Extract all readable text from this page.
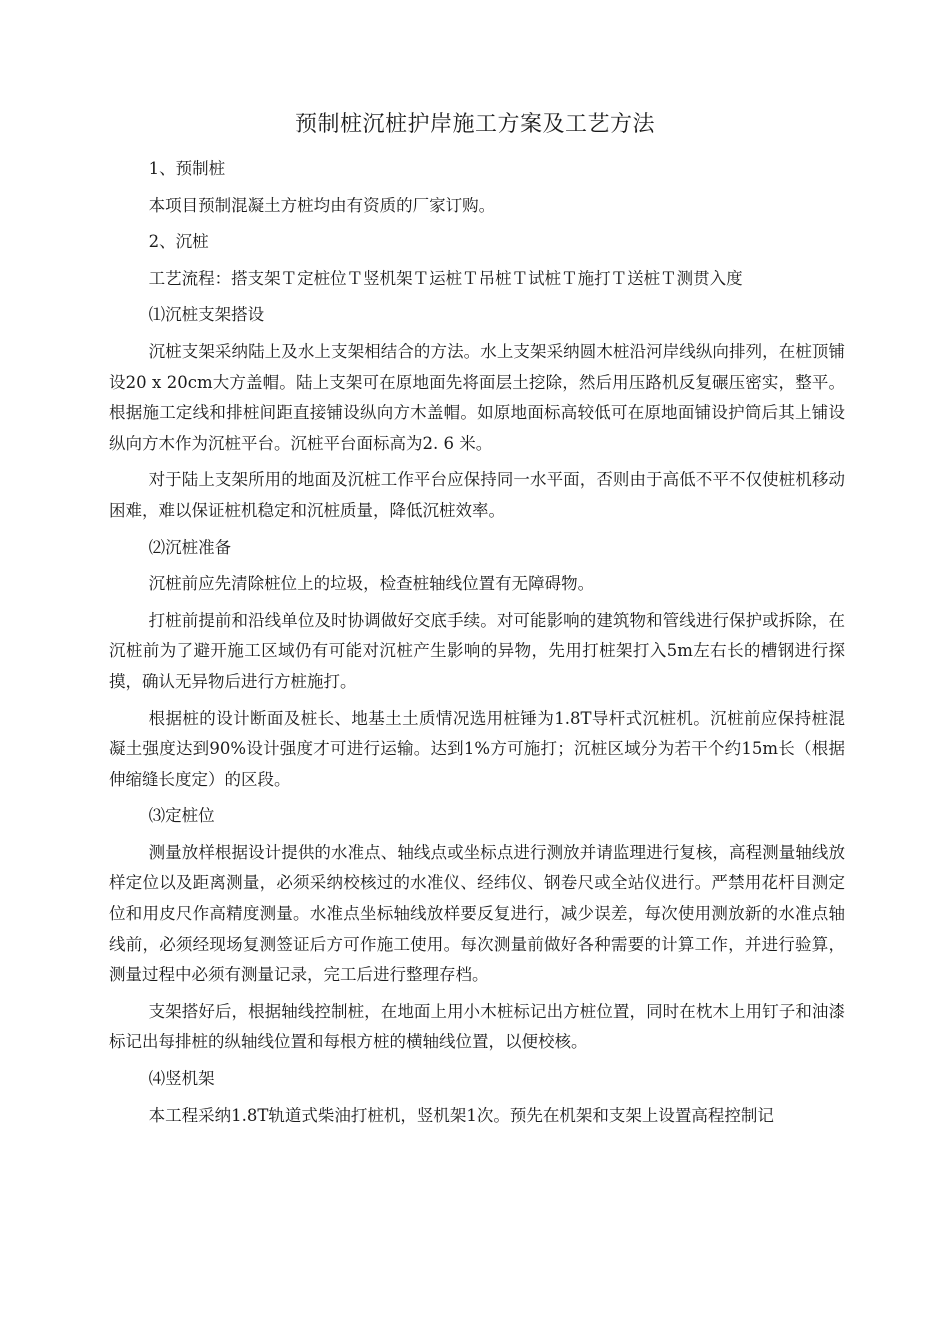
预制桩沉桩护岸施工方案及工艺方法

1、预制桩

本项目预制混凝土方桩均由有资质的厂家订购。

2、沉桩

工艺流程：搭支架Ｔ定桩位Ｔ竖机架Ｔ运桩Ｔ吊桩Ｔ试桩Ｔ施打Ｔ送桩Ｔ测贯入度

⑴沉桩支架搭设

沉桩支架采纳陆上及水上支架相结合的方法。水上支架采纳圆木桩沿河岸线纵向排列，在桩顶铺设20 x 20cm大方盖帽。陆上支架可在原地面先将面层土挖除，然后用压路机反复碾压密实，整平。根据施工定线和排桩间距直接铺设纵向方木盖帽。如原地面标高较低可在原地面铺设护筒后其上铺设纵向方木作为沉桩平台。沉桩平台面标高为2. 6 米。

对于陆上支架所用的地面及沉桩工作平台应保持同一水平面，否则由于高低不平不仅使桩机移动困难，难以保证桩机稳定和沉桩质量，降低沉桩效率。

⑵沉桩准备

沉桩前应先清除桩位上的垃圾，检查桩轴线位置有无障碍物。

打桩前提前和沿线单位及时协调做好交底手续。对可能影响的建筑物和管线进行保护或拆除，在沉桩前为了避开施工区域仍有可能对沉桩产生影响的异物，先用打桩架打入5m左右长的槽钢进行探摸，确认无异物后进行方桩施打。

根据桩的设计断面及桩长、地基土土质情况选用桩锤为1.8T导杆式沉桩机。沉桩前应保持桩混凝土强度达到90%设计强度才可进行运输。达到1%方可施打；沉桩区域分为若干个约15m长（根据伸缩缝长度定）的区段。

⑶定桩位

测量放样根据设计提供的水准点、轴线点或坐标点进行测放并请监理进行复核，高程测量轴线放样定位以及距离测量，必须采纳校核过的水准仪、经纬仪、钢卷尺或全站仪进行。严禁用花杆目测定位和用皮尺作高精度测量。水准点坐标轴线放样要反复进行，减少误差，每次使用测放新的水准点轴线前，必须经现场复测签证后方可作施工使用。每次测量前做好各种需要的计算工作，并进行验算，测量过程中必须有测量记录，完工后进行整理存档。

支架搭好后，根据轴线控制桩，在地面上用小木桩标记出方桩位置，同时在枕木上用钉子和油漆标记出每排桩的纵轴线位置和每根方桩的横轴线位置，以便校核。

⑷竖机架

本工程采纳1.8T轨道式柴油打桩机，竖机架1次。预先在机架和支架上设置高程控制记
